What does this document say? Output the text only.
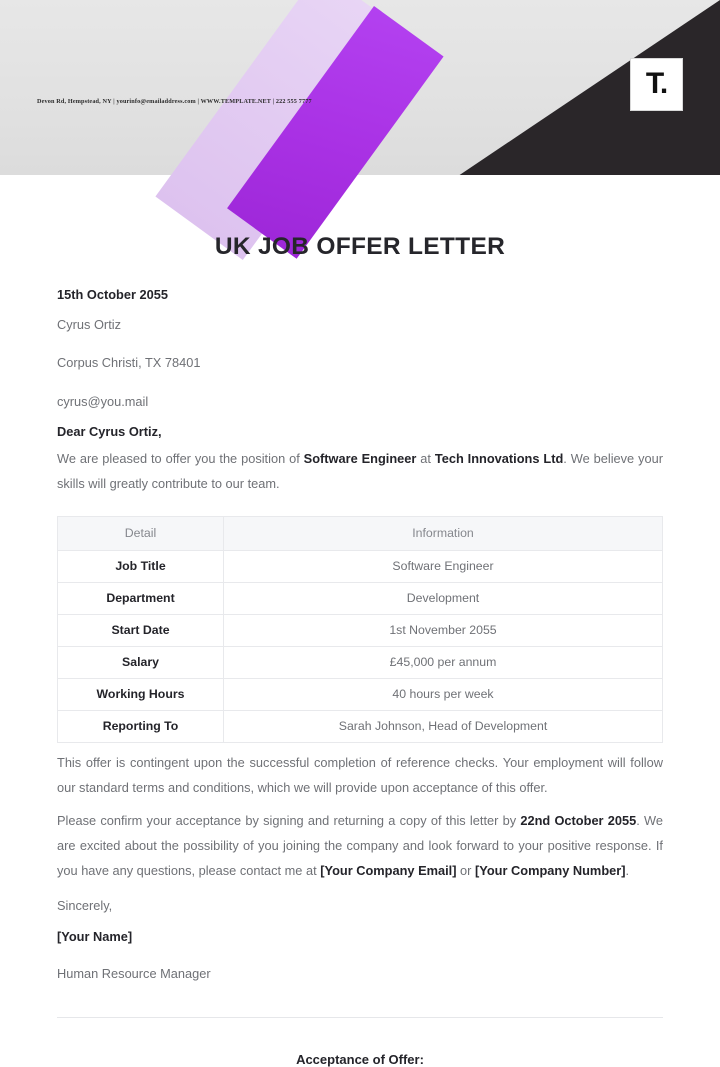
Devon Rd, Hempstead, NY | yourinfo@emailaddress.com | WWW.TEMPLATE.NET | 222 555 7777
T.
UK JOB OFFER LETTER
15th October 2055
Cyrus Ortiz
Corpus Christi, TX 78401
cyrus@you.mail
Dear Cyrus Ortiz,
We are pleased to offer you the position of Software Engineer at Tech Innovations Ltd. We believe your skills will greatly contribute to our team.
Detail	Information
Job Title	Software Engineer
Department	Development
Start Date	1st November 2055
Salary	£45,000 per annum
Working Hours	40 hours per week
Reporting To	Sarah Johnson, Head of Development
This offer is contingent upon the successful completion of reference checks. Your employment will follow our standard terms and conditions, which we will provide upon acceptance of this offer.
Please confirm your acceptance by signing and returning a copy of this letter by 22nd October 2055. We are excited about the possibility of you joining the company and look forward to your positive response. If you have any questions, please contact me at [Your Company Email] or [Your Company Number].
Sincerely,
[Your Name]
Human Resource Manager
Acceptance of Offer:
